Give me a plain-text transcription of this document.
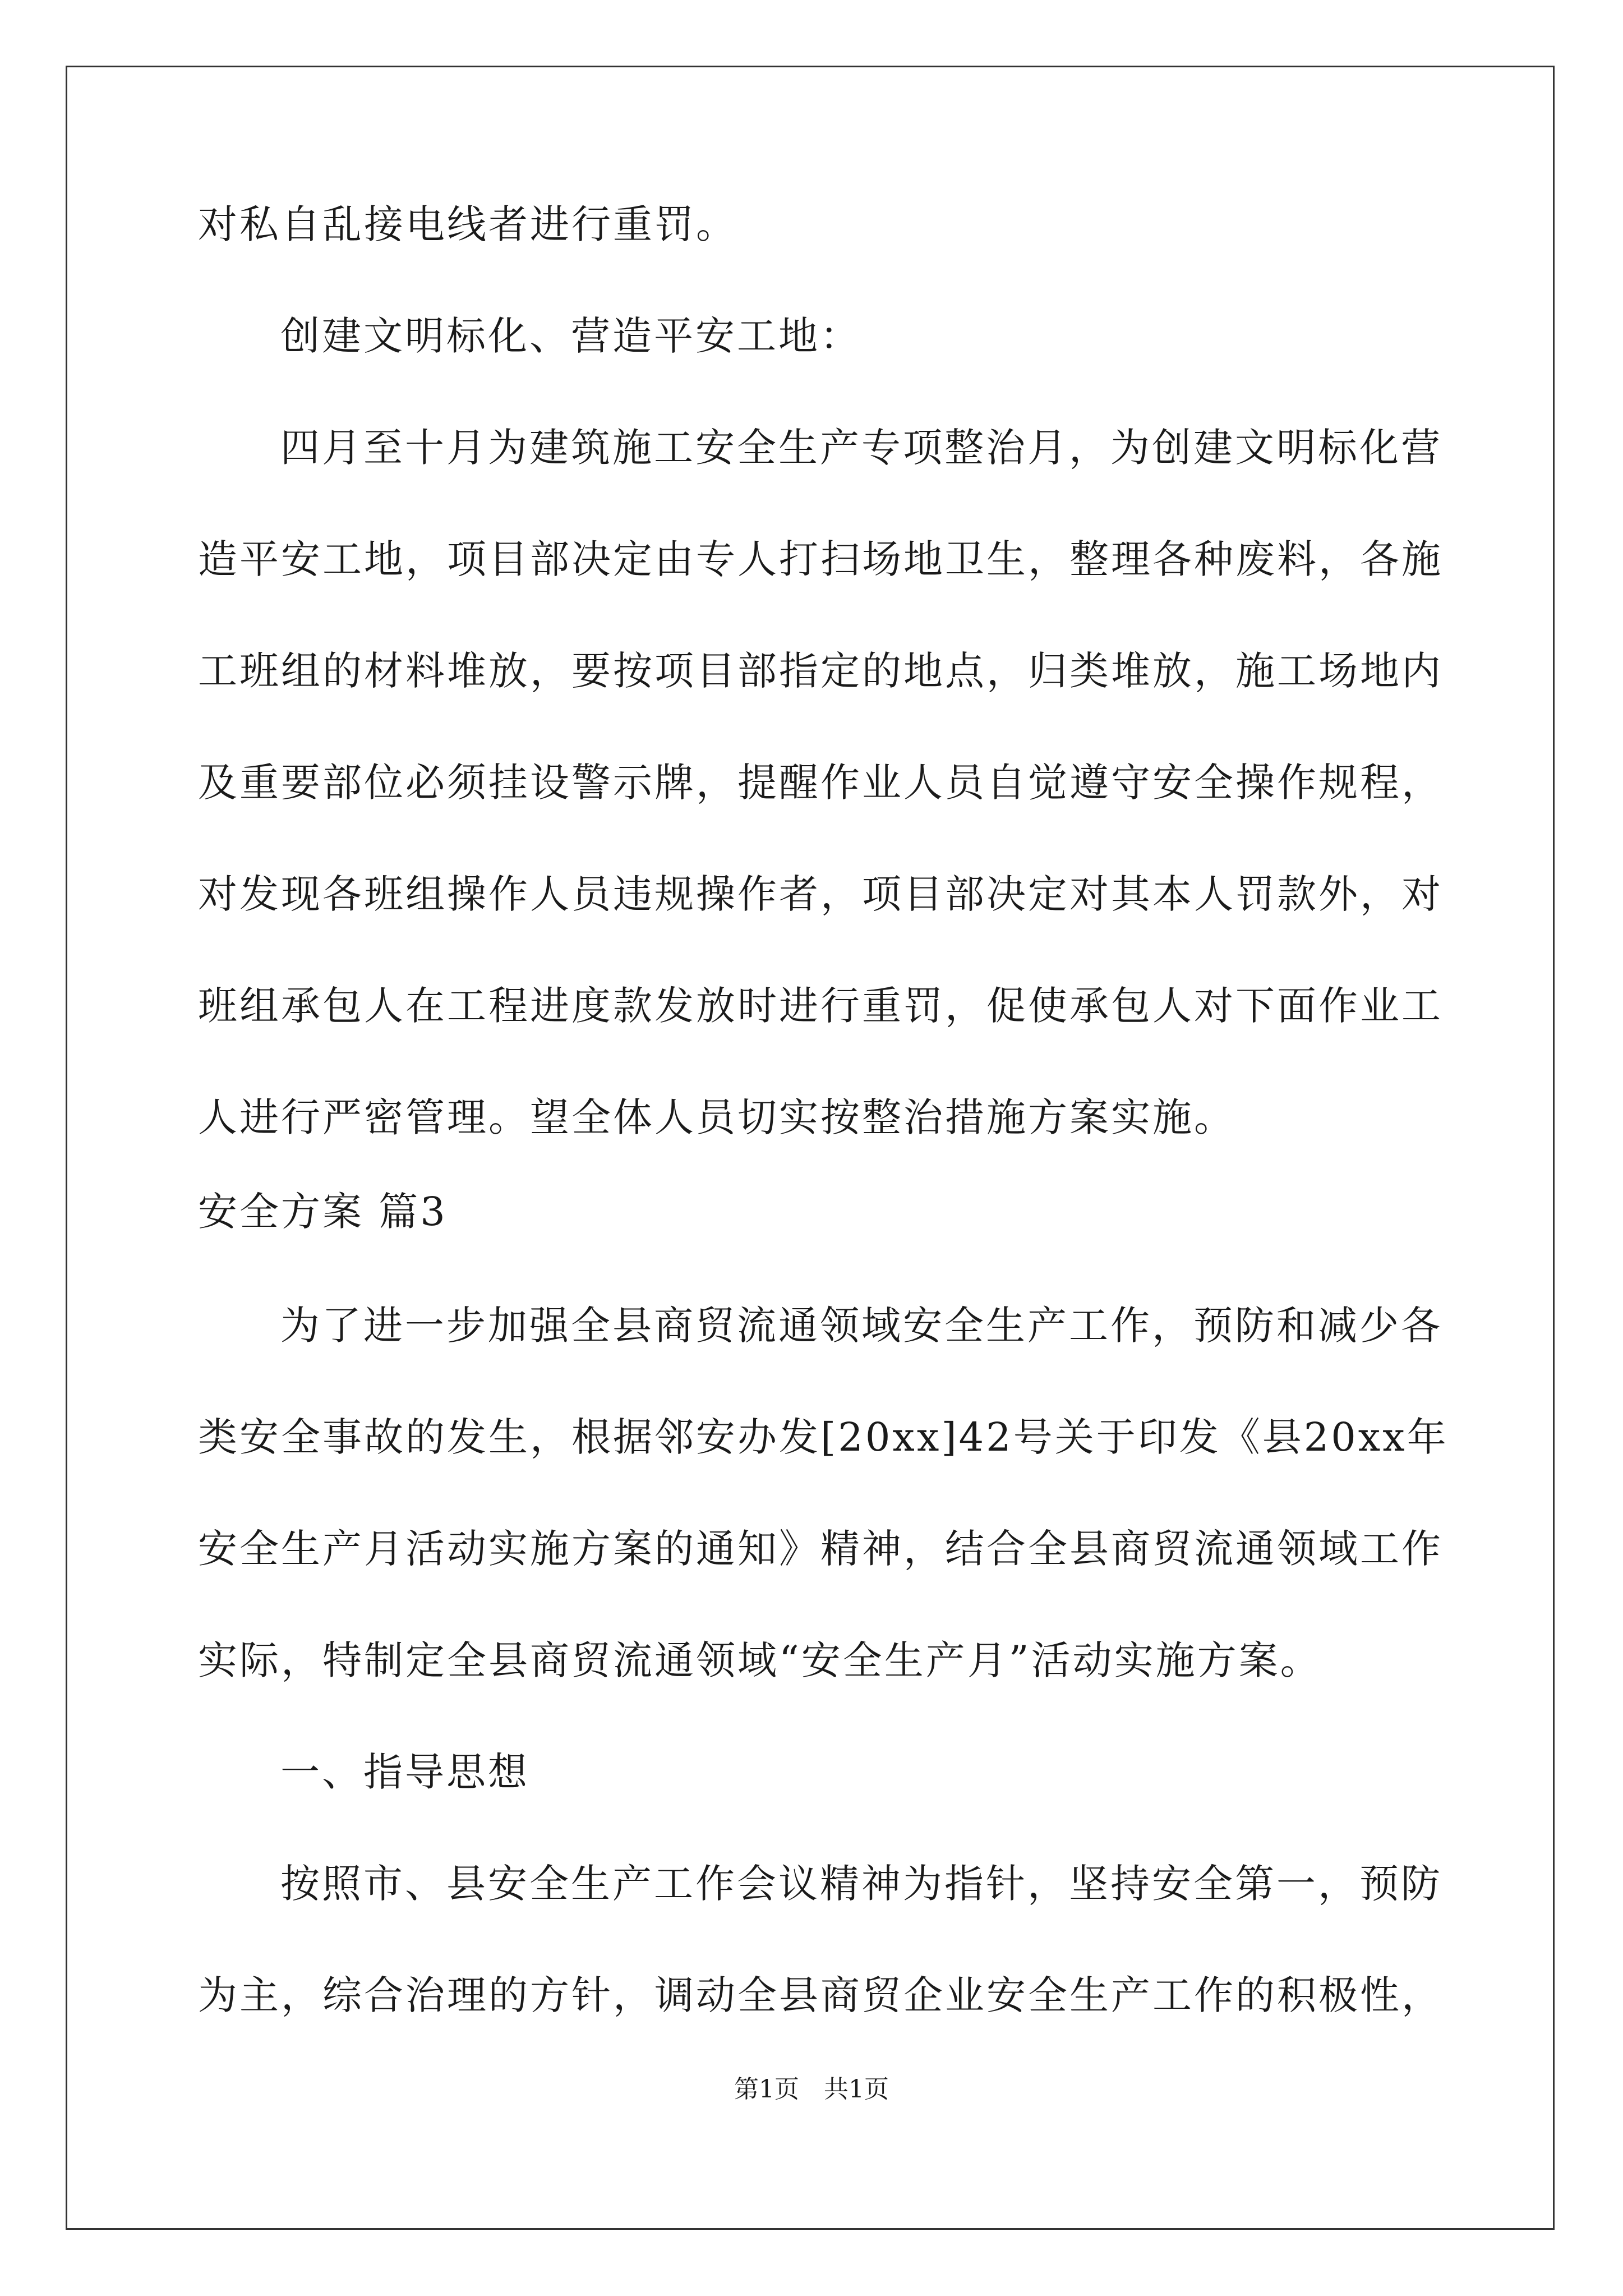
对私自乱接电线者进行重罚。
创建文明标化、营造平安工地：
四月至十月为建筑施工安全生产专项整治月，为创建文明标化营
造平安工地，项目部决定由专人打扫场地卫生，整理各种废料，各施
工班组的材料堆放，要按项目部指定的地点，归类堆放，施工场地内
及重要部位必须挂设警示牌，提醒作业人员自觉遵守安全操作规程，
对发现各班组操作人员违规操作者，项目部决定对其本人罚款外，对
班组承包人在工程进度款发放时进行重罚，促使承包人对下面作业工
人进行严密管理。望全体人员切实按整治措施方案实施。
安全方案 篇3
为了进一步加强全县商贸流通领域安全生产工作，预防和减少各
类安全事故的发生，根据邻安办发[20xx]42号关于印发《县20xx年
安全生产月活动实施方案的通知》精神，结合全县商贸流通领域工作
实际，特制定全县商贸流通领域“安全生产月”活动实施方案。
一、指导思想
按照市、县安全生产工作会议精神为指针，坚持安全第一，预防
为主，综合治理的方针，调动全县商贸企业安全生产工作的积极性，
第1页　共1页
